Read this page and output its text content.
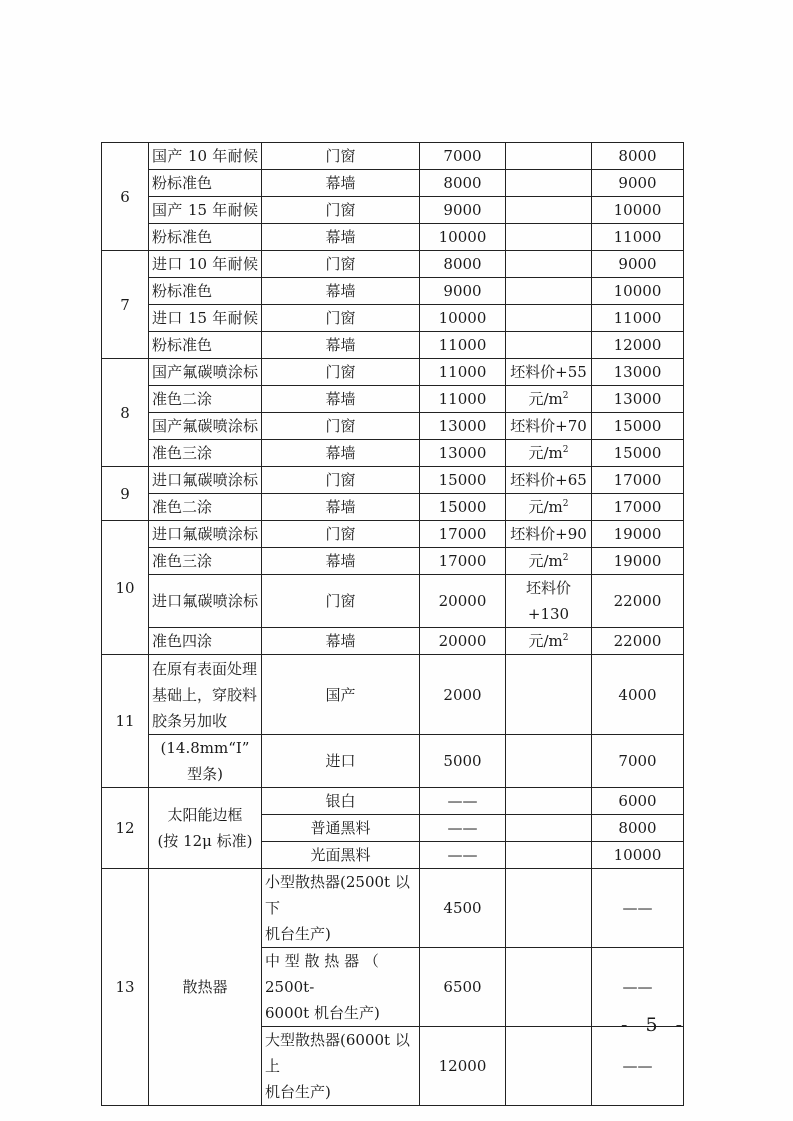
6	国产 10 年耐候	门窗	7000		8000
	粉标准色	幕墙	8000		9000
	国产 15 年耐候	门窗	9000		10000
	粉标准色	幕墙	10000		11000
7	进口 10 年耐候	门窗	8000		9000
	粉标准色	幕墙	9000		10000
	进口 15 年耐候	门窗	10000		11000
	粉标准色	幕墙	11000		12000
8	国产氟碳喷涂标	门窗	11000	坯料价+55	13000
	准色二涂	幕墙	11000	元$/m^2$	13000
	国产氟碳喷涂标	门窗	13000	坯料价+70	15000
	准色三涂	幕墙	13000	元$/m^2$	15000
9	进口氟碳喷涂标	门窗	15000	坯料价+65	17000
	准色二涂	幕墙	15000	元$/m^2$	17000
10	进口氟碳喷涂标	门窗	17000	坯料价+90	19000
	准色三涂	幕墙	17000	元$/m^2$	19000
	进口氟碳喷涂标	门窗	20000	坯料价+130	22000
	准色四涂	幕墙	20000	元$/m^2$	22000
11	在原有表面处理
基础上，穿胶料
胶条另加收	国产	2000		4000

	(14.8mm“I”
型条)	进口	5000		7000
12	太阳能边框
(按 12μ 标准)	银白	——		6000
		普通黑料	——		8000
		光面黑料	——		10000
13	散热器	小型散热器(2500t 以下
机台生产)	4500		——

		中 型 散 热 器 （ 2500t-
6000t 机台生产)	6500		——

		大型散热器(6000t 以上
机台生产)	12000		——
- 5 -
